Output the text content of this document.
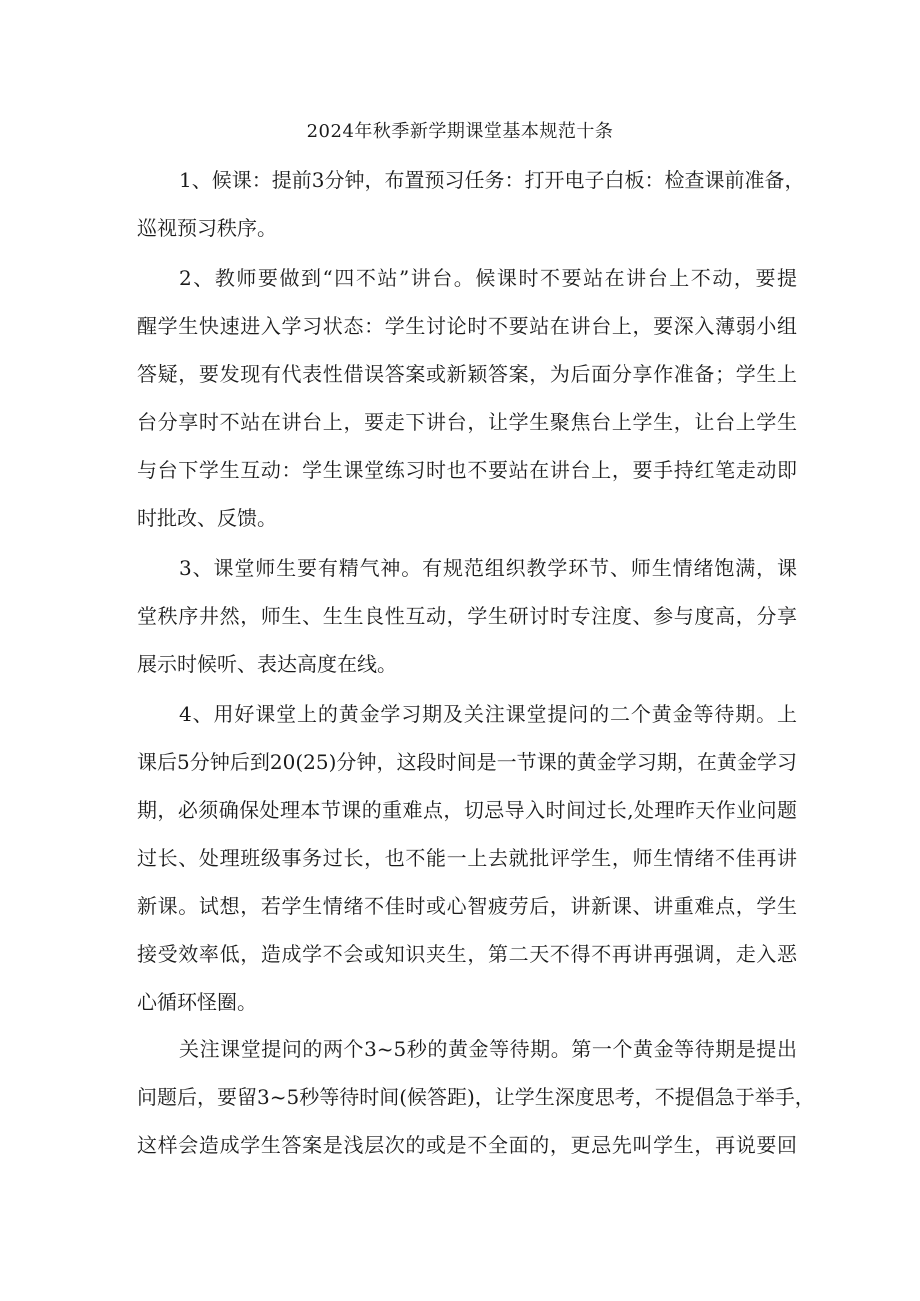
2024年秋季新学期课堂基本规范十条

1、候课：提前3分钟，布置预习任务：打开电子白板：检查课前准备，
巡视预习秩序。

2、教师要做到“四不站”讲台。候课时不要站在讲台上不动，要提
醒学生快速进入学习状态：学生讨论时不要站在讲台上，要深入薄弱小组
答疑，要发现有代表性借误答案或新颖答案，为后面分享作准备；学生上
台分享时不站在讲台上，要走下讲台，让学生聚焦台上学生，让台上学生
与台下学生互动：学生课堂练习时也不要站在讲台上，要手持红笔走动即
时批改、反馈。

3、课堂师生要有精气神。有规范组织教学环节、师生情绪饱满，课
堂秩序井然，师生、生生良性互动，学生研讨时专注度、参与度高，分享
展示时候听、表达高度在线。

4、用好课堂上的黄金学习期及关注课堂提问的二个黄金等待期。上
课后5分钟后到20(25)分钟，这段时间是一节课的黄金学习期，在黄金学习
期，必须确保处理本节课的重难点，切忌导入时间过长,处理昨天作业问题
过长、处理班级事务过长，也不能一上去就批评学生，师生情绪不佳再讲
新课。试想，若学生情绪不佳时或心智疲劳后，讲新课、讲重难点，学生
接受效率低，造成学不会或知识夹生，第二天不得不再讲再强调，走入恶
心循环怪圈。

关注课堂提问的两个3~5秒的黄金等待期。第一个黄金等待期是提出
问题后，要留3~5秒等待时间(候答距)，让学生深度思考，不提倡急于举手，
这样会造成学生答案是浅层次的或是不全面的，更忌先叫学生，再说要回
